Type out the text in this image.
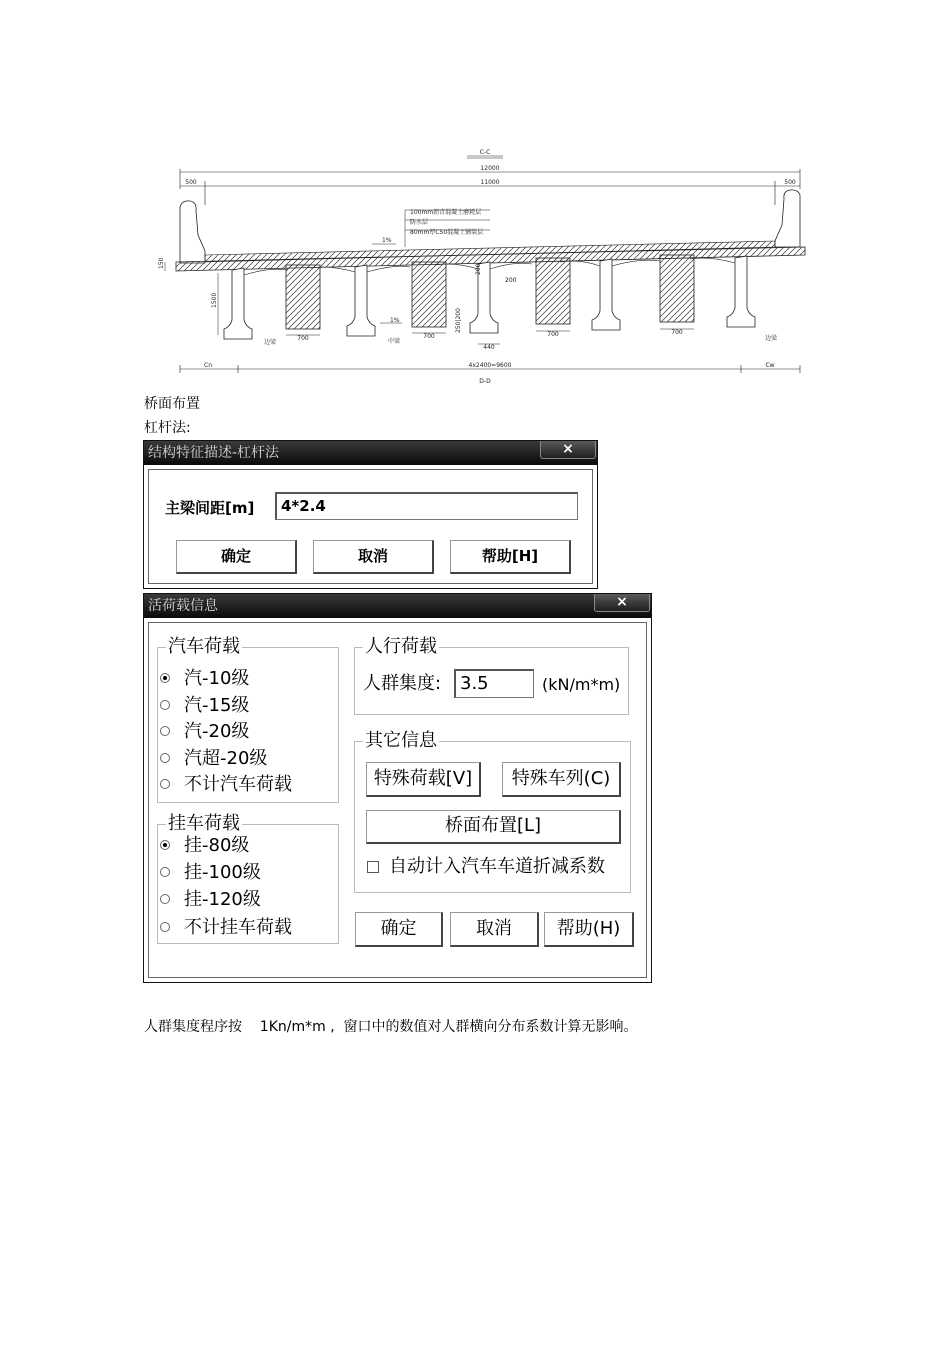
C-C
12000
500	11000	500
100mm沥青混凝土磨耗层
防水层
80mm厚C50混凝土铺装层
1%
150
1500
200
200
250|200
1%
700	700	700	700
440
边梁	中梁	边梁
Cn	4x2400=9600	Cw
D-D
桥面布置
杠杆法:
结构特征描述-杠杆法	×
主梁间距[m] 4*2.4
确定	取消	帮助[H]
活荷载信息	×
汽车荷载
汽-10级
汽-15级
汽-20级
汽超-20级
不计汽车荷载
挂车荷载
挂-80级
挂-100级
挂-120级
不计挂车荷载
人行荷载
人群集度: 3.5	(kN/m*m)
其它信息
特殊荷载[V]	特殊车列(C)
桥面布置[L]
自动计入汽车车道折减系数
确定	取消	帮助(H)
人群集度程序按    1Kn/m*m ,  窗口中的数值对人群横向分布系数计算无影响。
